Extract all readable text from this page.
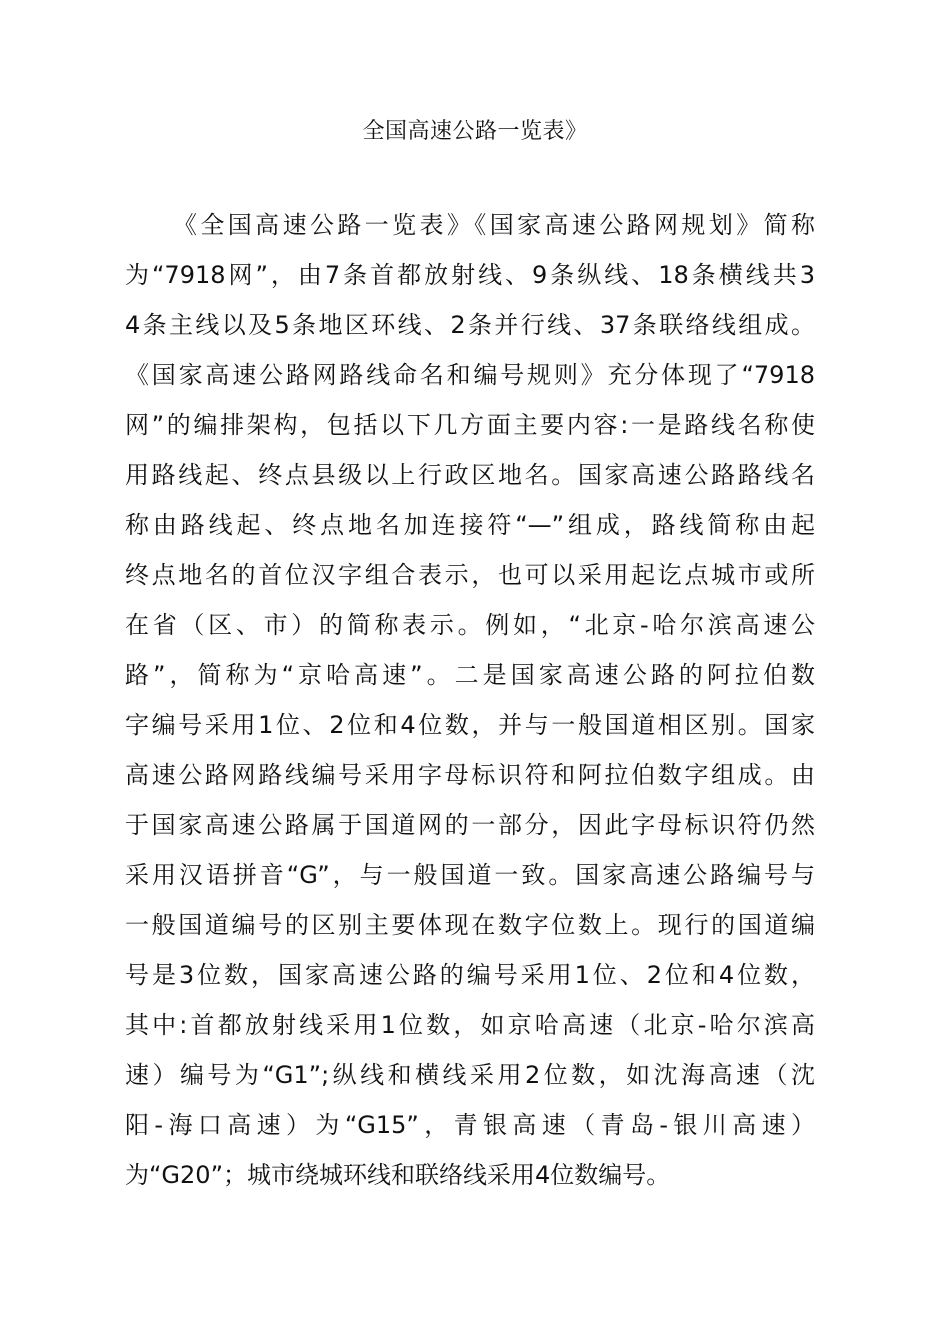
全国高速公路一览表》
《全国高速公路一览表》《国家高速公路网规划》简称
为“7918网”，由7条首都放射线、9条纵线、18条横线共3
4条主线以及5条地区环线、2条并行线、37条联络线组成。
《国家高速公路网路线命名和编号规则》充分体现了“7918
网”的编排架构，包括以下几方面主要内容:一是路线名称使
用路线起、终点县级以上行政区地名。国家高速公路路线名
称由路线起、终点地名加连接符“—”组成，路线简称由起
终点地名的首位汉字组合表示，也可以采用起讫点城市或所
在省（区、市）的简称表示。例如，“北京-哈尔滨高速公
路”，简称为“京哈高速”。二是国家高速公路的阿拉伯数
字编号采用1位、2位和4位数，并与一般国道相区别。国家
高速公路网路线编号采用字母标识符和阿拉伯数字组成。由
于国家高速公路属于国道网的一部分，因此字母标识符仍然
采用汉语拼音“G”，与一般国道一致。国家高速公路编号与
一般国道编号的区别主要体现在数字位数上。现行的国道编
号是3位数，国家高速公路的编号采用1位、2位和4位数，
其中:首都放射线采用1位数，如京哈高速（北京-哈尔滨高
速）编号为“G1”;纵线和横线采用2位数，如沈海高速（沈
阳-海口高速）为“G15”，青银高速（青岛-银川高速）
为“G20”；城市绕城环线和联络线采用4位数编号。
